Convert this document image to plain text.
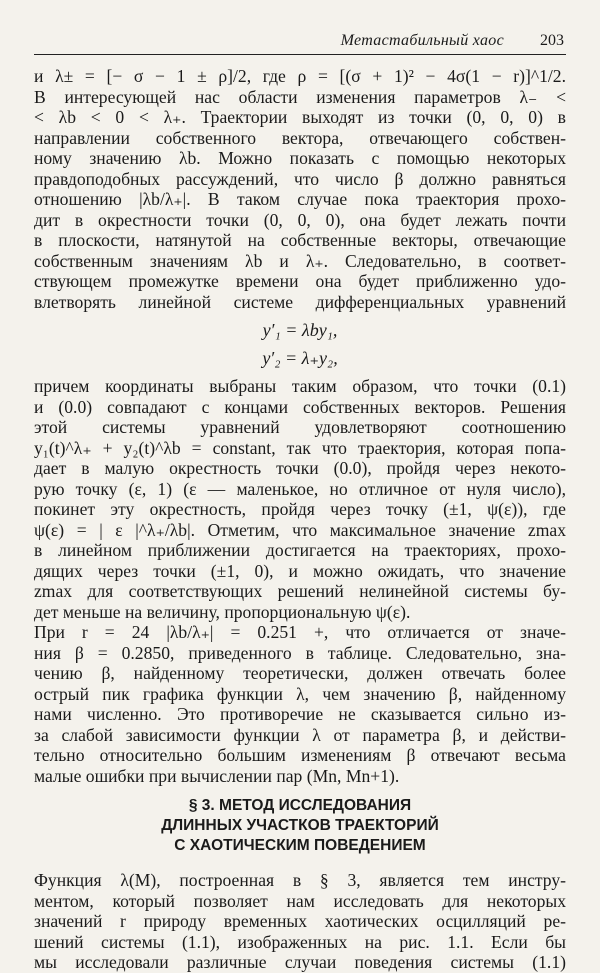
Метастабильный хаос 203
и λ± = [− σ − 1 ± ρ]/2, где ρ = [(σ + 1)² − 4σ(1 − r)]^1/2.
В интересующей нас области изменения параметров λ₋ <
< λb < 0 < λ₊. Траектории выходят из точки (0, 0, 0) в
направлении собственного вектора, отвечающего собствен-
ному значению λb. Можно показать с помощью некоторых
правдоподобных рассуждений, что число β должно равняться
отношению |λb/λ₊|. В таком случае пока траектория прохо-
дит в окрестности точки (0, 0, 0), она будет лежать почти
в плоскости, натянутой на собственные векторы, отвечающие
собственным значениям λb и λ₊. Следовательно, в соответ-
ствующем промежутке времени она будет приближенно удо-
влетворять линейной системе дифференциальных уравнений
y′₁ = λby₁,
y′₂ = λ₊y₂,
причем координаты выбраны таким образом, что точки (0.1)
и (0.0) совпадают с концами собственных векторов. Решения
этой системы уравнений удовлетворяют соотношению
y₁(t)^λ₊ + y₂(t)^λb = constant, так что траектория, которая попа-
дает в малую окрестность точки (0.0), пройдя через некото-
рую точку (ε, 1) (ε — маленькое, но отличное от нуля число),
покинет эту окрестность, пройдя через точку (±1, ψ(ε)), где
ψ(ε) = | ε |^λ₊/λb|. Отметим, что максимальное значение zmax
в линейном приближении достигается на траекториях, прохо-
дящих через точки (±1, 0), и можно ожидать, что значение
zmax для соответствующих решений нелинейной системы бу-
дет меньше на величину, пропорциональную ψ(ε).
При r = 24 |λb/λ₊| = 0.251 +, что отличается от значе-
ния β = 0.2850, приведенного в таблице. Следовательно, зна-
чению β, найденному теоретически, должен отвечать более
острый пик графика функции λ, чем значению β, найденному
нами численно. Это противоречие не сказывается сильно из-
за слабой зависимости функции λ от параметра β, и действи-
тельно относительно большим изменениям β отвечают весьма
малые ошибки при вычислении пар (Mn, Mn+1).
§ 3. МЕТОД ИССЛЕДОВАНИЯ
ДЛИННЫХ УЧАСТКОВ ТРАЕКТОРИЙ
С ХАОТИЧЕСКИМ ПОВЕДЕНИЕМ
Функция λ(M), построенная в § 3, является тем инстру-
ментом, который позволяет нам исследовать для некоторых
значений r природу временных хаотических осцилляций ре-
шений системы (1.1), изображенных на рис. 1.1. Если бы
мы исследовали различные случаи поведения системы (1.1)
